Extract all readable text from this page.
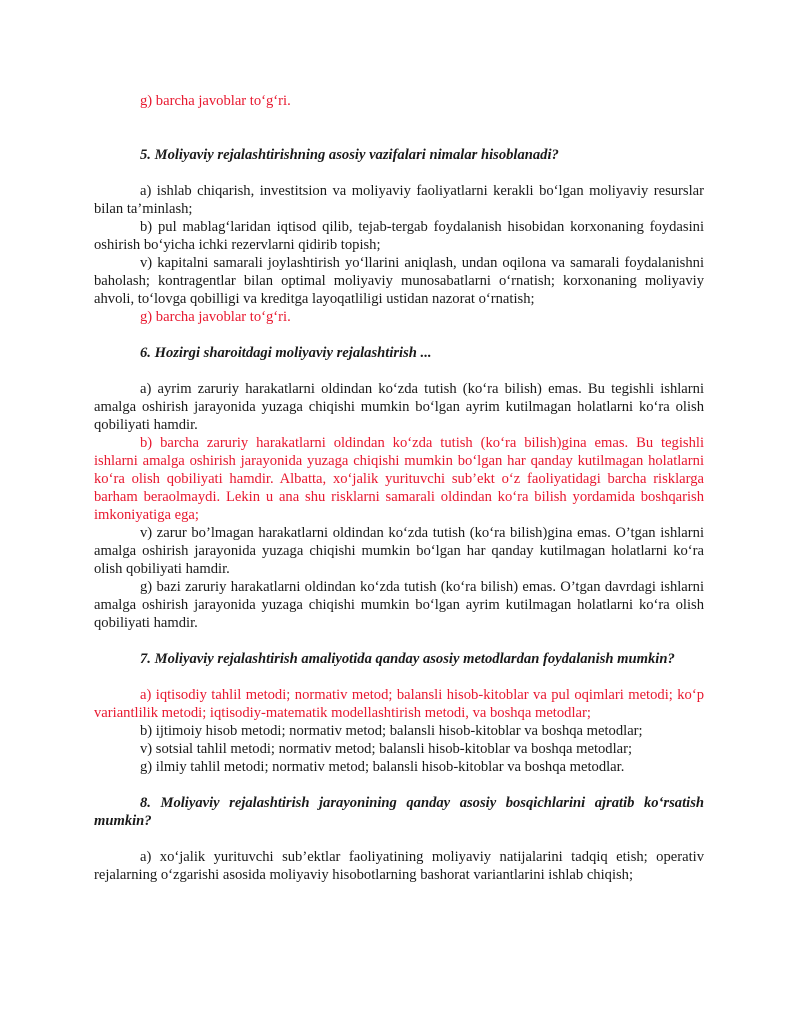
g) barcha javoblar to‘g‘ri.

5. Moliyaviy rejalashtirishning asosiy vazifalari nimalar hisoblanadi?

a) ishlab chiqarish, investitsion va moliyaviy faoliyatlarni kerakli bo‘lgan moliyaviy resurslar bilan ta’minlash;

b) pul mablag‘laridan iqtisod qilib, tejab-tergab foydalanish hisobidan korxonaning foydasini oshirish bo‘yicha ichki rezervlarni qidirib topish;

v) kapitalni samarali joylashtirish yo‘llarini aniqlash, undan oqilona va samarali foydalanishni baholash; kontragentlar bilan optimal moliyaviy munosabatlarni o‘rnatish; korxonaning moliyaviy ahvoli, to‘lovga qobilligi va kreditga layoqatliligi ustidan nazorat o‘rnatish;

g) barcha javoblar to‘g‘ri.

6. Hozirgi sharoitdagi moliyaviy rejalashtirish ...

a) ayrim zaruriy harakatlarni oldindan ko‘zda tutish (ko‘ra bilish) emas. Bu tegishli ishlarni amalga oshirish jarayonida yuzaga chiqishi mumkin bo‘lgan ayrim kutilmagan holatlarni ko‘ra olish qobiliyati hamdir.

b) barcha zaruriy harakatlarni oldindan ko‘zda tutish (ko‘ra bilish)gina emas. Bu tegishli ishlarni amalga oshirish jarayonida yuzaga chiqishi mumkin bo‘lgan har qanday kutilmagan holatlarni ko‘ra olish qobiliyati hamdir. Albatta, xo‘jalik yurituvchi sub’ekt o‘z faoliyatidagi barcha risklarga barham beraolmaydi. Lekin u ana shu risklarni samarali oldindan ko‘ra bilish yordamida boshqarish imkoniyatiga ega;

v) zarur bo’lmagan harakatlarni oldindan ko‘zda tutish (ko‘ra bilish)gina emas. O’tgan ishlarni amalga oshirish jarayonida yuzaga chiqishi mumkin bo‘lgan har qanday kutilmagan holatlarni ko‘ra olish qobiliyati hamdir.

g) bazi zaruriy harakatlarni oldindan ko‘zda tutish (ko‘ra bilish) emas. O’tgan davrdagi ishlarni amalga oshirish jarayonida yuzaga chiqishi mumkin bo‘lgan ayrim kutilmagan holatlarni ko‘ra olish qobiliyati hamdir.

7. Moliyaviy rejalashtirish amaliyotida qanday asosiy metodlardan foydalanish mumkin?

a) iqtisodiy tahlil metodi; normativ metod; balansli hisob-kitoblar va pul oqimlari metodi; ko‘p variantlilik metodi; iqtisodiy-matematik modellashtirish metodi, va boshqa metodlar;

b) ijtimoiy hisob metodi; normativ metod; balansli hisob-kitoblar va boshqa metodlar;

v) sotsial tahlil metodi; normativ metod; balansli hisob-kitoblar va boshqa metodlar;

g) ilmiy tahlil metodi; normativ metod; balansli hisob-kitoblar va boshqa metodlar.

8. Moliyaviy rejalashtirish jarayonining qanday asosiy bosqichlarini ajratib ko‘rsatish mumkin?

a) xo‘jalik yurituvchi sub’ektlar faoliyatining moliyaviy natijalarini tadqiq etish; operativ rejalarning o‘zgarishi asosida moliyaviy hisobotlarning bashorat variantlarini ishlab chiqish;
